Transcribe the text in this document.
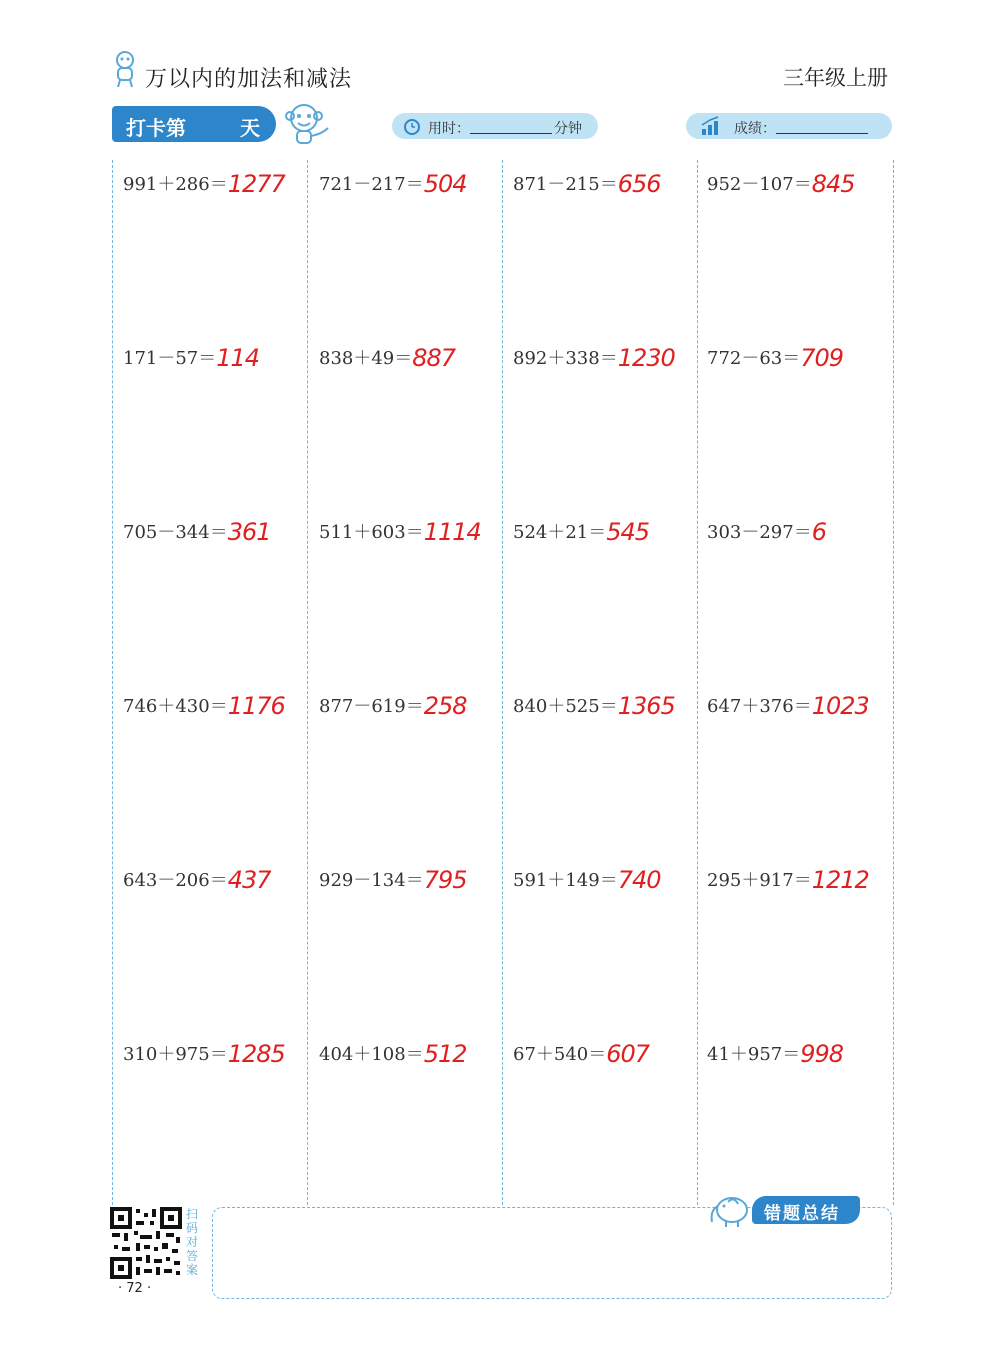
万以内的加法和减法	三年级上册
打卡第	天	用时：	分钟	成绩：
991＋286＝1277 721－217＝504	871－215＝656	952－107＝845
171－57＝114	838＋49＝887	892＋338＝1230 772－63＝709
705－344＝361	511＋603＝1114 524＋21＝545	303－297＝6
746＋430＝1176 877－619＝258	840＋525＝1365 647＋376＝1023
643－206＝437	929－134＝795	591＋149＝740	295＋917＝1212
310＋975＝1285 404＋108＝512	67＋540＝607	41＋957＝998
错题总结
扫
码
对
答
案
· 72 ·
